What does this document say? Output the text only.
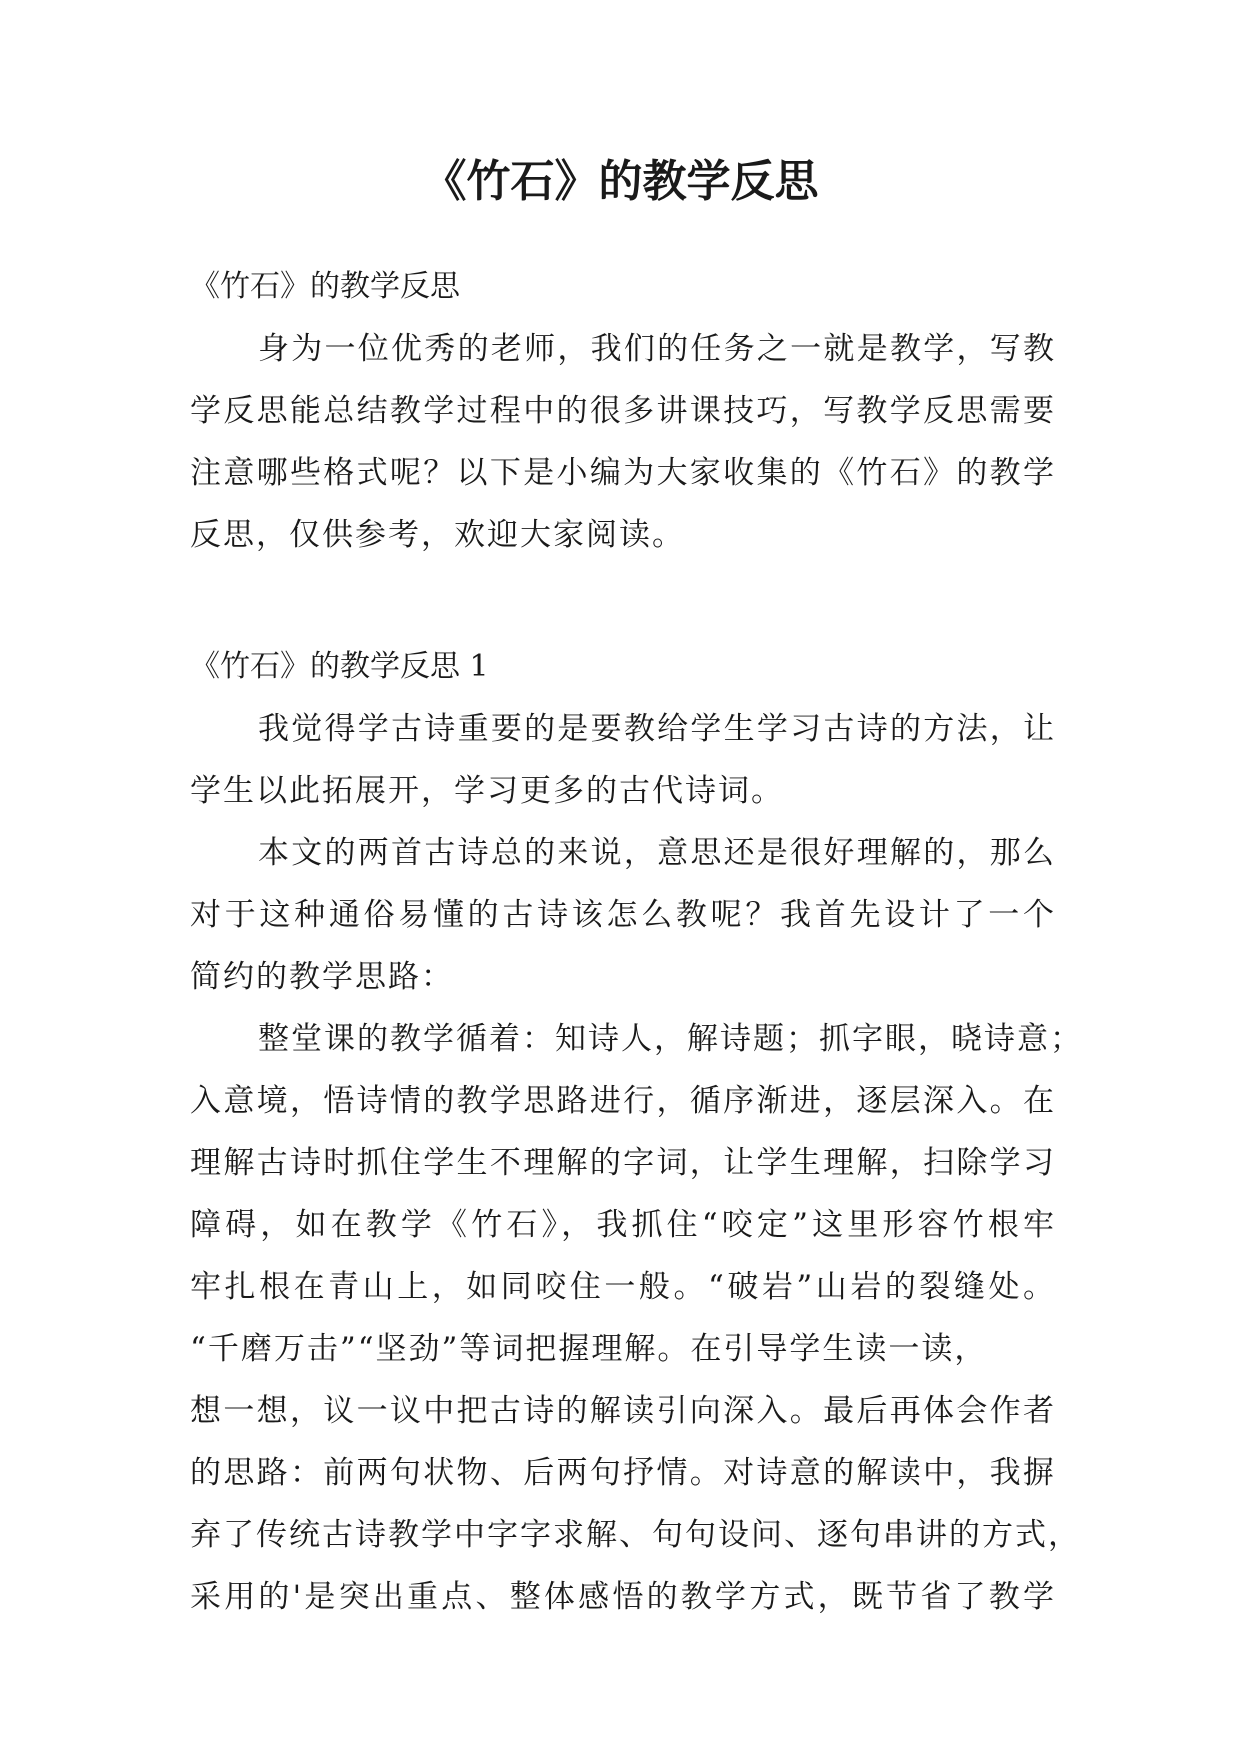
《竹石》的教学反思
《竹石》的教学反思
身为一位优秀的老师，我们的任务之一就是教学，写教
学反思能总结教学过程中的很多讲课技巧，写教学反思需要
注意哪些格式呢？以下是小编为大家收集的《竹石》的教学
反思，仅供参考，欢迎大家阅读。
《竹石》的教学反思 1
我觉得学古诗重要的是要教给学生学习古诗的方法，让
学生以此拓展开，学习更多的古代诗词。
本文的两首古诗总的来说，意思还是很好理解的，那么
对于这种通俗易懂的古诗该怎么教呢？我首先设计了一个
简约的教学思路：
整堂课的教学循着：知诗人，解诗题；抓字眼，晓诗意；
入意境，悟诗情的教学思路进行，循序渐进，逐层深入。在
理解古诗时抓住学生不理解的字词，让学生理解，扫除学习
障碍，如在教学《竹石》，我抓住“咬定”这里形容竹根牢
牢扎根在青山上，如同咬住一般。“破岩”山岩的裂缝处。
“千磨万击”“坚劲”等词把握理解。在引导学生读一读，
想一想，议一议中把古诗的解读引向深入。最后再体会作者
的思路：前两句状物、后两句抒情。对诗意的解读中，我摒
弃了传统古诗教学中字字求解、句句设问、逐句串讲的方式，
采用的'是突出重点、整体感悟的教学方式，既节省了教学
